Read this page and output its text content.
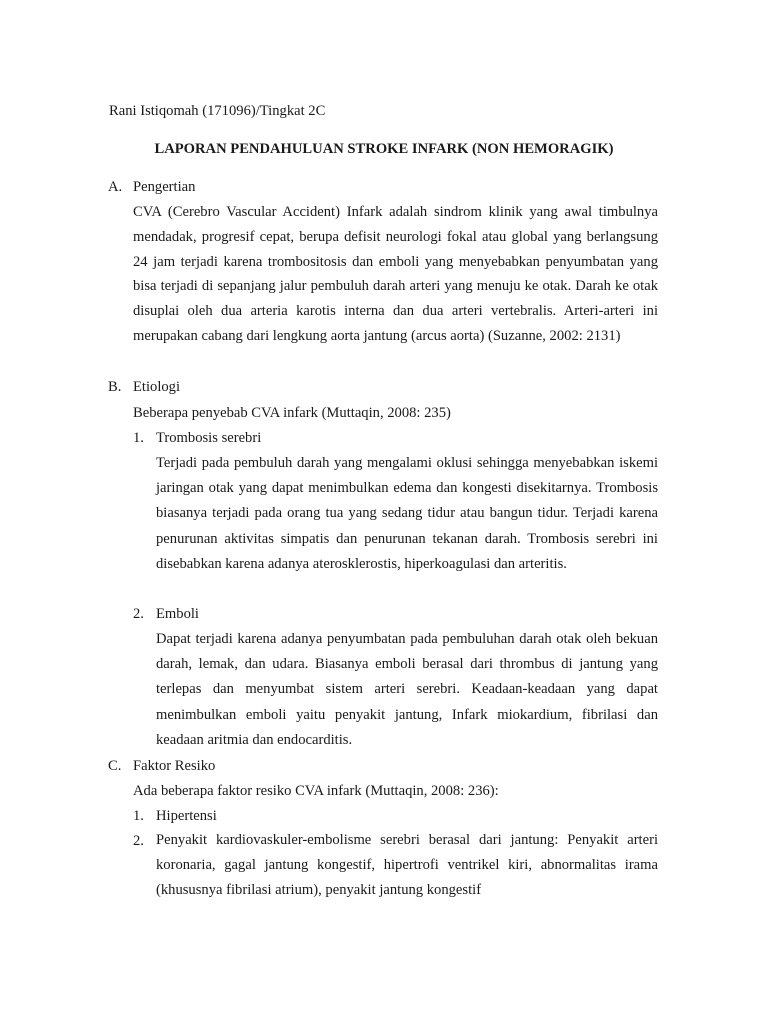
Rani Istiqomah (171096)/Tingkat 2C
LAPORAN PENDAHULUAN STROKE INFARK (NON HEMORAGIK)
A. Pengertian

CVA (Cerebro Vascular Accident) Infark adalah sindrom klinik yang awal timbulnya mendadak, progresif cepat, berupa defisit neurologi fokal atau global yang berlangsung 24 jam terjadi karena trombositosis dan emboli yang menyebabkan penyumbatan yang bisa terjadi di sepanjang jalur pembuluh darah arteri yang menuju ke otak. Darah ke otak disuplai oleh dua arteria karotis interna dan dua arteri vertebralis. Arteri-arteri ini merupakan cabang dari lengkung aorta jantung (arcus aorta) (Suzanne, 2002: 2131)

B. Etiologi
Beberapa penyebab CVA infark (Muttaqin, 2008: 235)
1. Trombosis serebri

Terjadi pada pembuluh darah yang mengalami oklusi sehingga menyebabkan iskemi jaringan otak yang dapat menimbulkan edema dan kongesti disekitarnya. Trombosis biasanya terjadi pada orang tua yang sedang tidur atau bangun tidur. Terjadi karena penurunan aktivitas simpatis dan penurunan tekanan darah. Trombosis serebri ini disebabkan karena adanya aterosklerostis, hiperkoagulasi dan arteritis.

2. Emboli

Dapat terjadi karena adanya penyumbatan pada pembuluhan darah otak oleh bekuan darah, lemak, dan udara. Biasanya emboli berasal dari thrombus di jantung yang terlepas dan menyumbat sistem arteri serebri. Keadaan-keadaan yang dapat menimbulkan emboli yaitu penyakit jantung, Infark miokardium, fibrilasi dan keadaan aritmia dan endocarditis.

C. Faktor Resiko
Ada beberapa faktor resiko CVA infark (Muttaqin, 2008: 236):
1. Hipertensi
2. Penyakit kardiovaskuler-embolisme serebri berasal dari jantung: Penyakit arteri koronaria, gagal jantung kongestif, hipertrofi ventrikel kiri, abnormalitas irama (khususnya fibrilasi atrium), penyakit jantung kongestif
